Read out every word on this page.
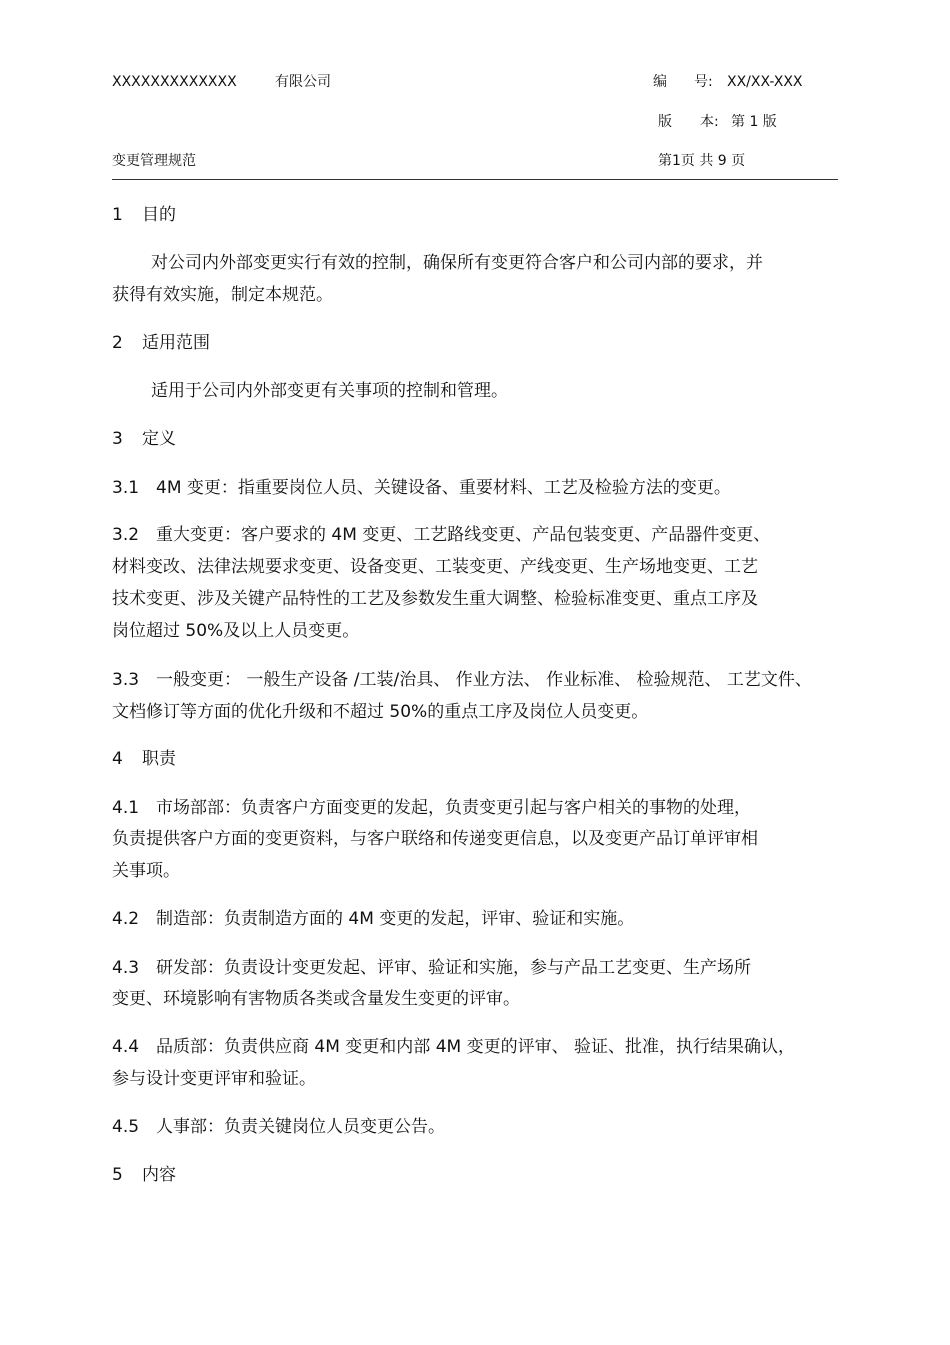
XXXXXXXXXXXXX	有限公司	编 号: XX/XX-XXX
版 本: 第 1 版
变更管理规范	第1页 共 9 页
1 目的
对公司内外部变更实行有效的控制，确保所有变更符合客户和公司内部的要求，并
获得有效实施，制定本规范。
2 适用范围
适用于公司内外部变更有关事项的控制和管理。
3 定义
3.1 4M 变更：指重要岗位人员、关键设备、重要材料、工艺及检验方法的变更。
3.2 重大变更：客户要求的 4M 变更、工艺路线变更、产品包装变更、产品器件变更、
材料变改、法律法规要求变更、设备变更、工装变更、产线变更、生产场地变更、工艺
技术变更、涉及关键产品特性的工艺及参数发生重大调整、检验标准变更、重点工序及
岗位超过 50%及以上人员变更。
3.3 一般变更： 一般生产设备 /工装/治具、 作业方法、 作业标准、 检验规范、 工艺文件、
文档修订等方面的优化升级和不超过 50%的重点工序及岗位人员变更。
4 职责
4.1 市场部部：负责客户方面变更的发起，负责变更引起与客户相关的事物的处理，
负责提供客户方面的变更资料，与客户联络和传递变更信息，以及变更产品订单评审相
关事项。
4.2 制造部：负责制造方面的 4M 变更的发起，评审、验证和实施。
4.3 研发部：负责设计变更发起、评审、验证和实施，参与产品工艺变更、生产场所
变更、环境影响有害物质各类或含量发生变更的评审。
4.4 品质部：负责供应商 4M 变更和内部 4M 变更的评审、 验证、批准，执行结果确认，
参与设计变更评审和验证。
4.5 人事部：负责关键岗位人员变更公告。
5 内容
